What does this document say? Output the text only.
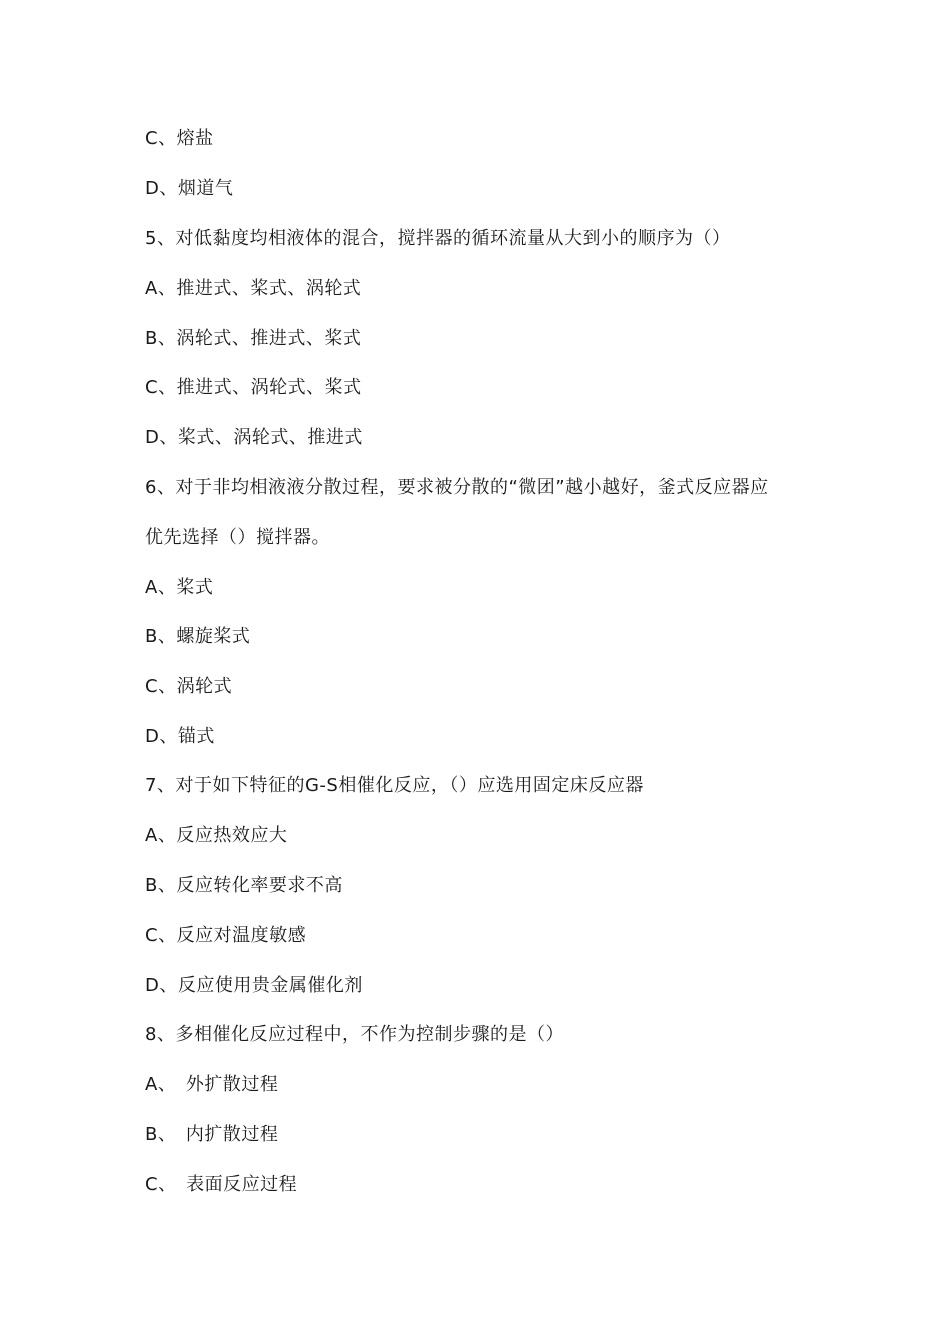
C、熔盐
D、烟道气
5、对低黏度均相液体的混合，搅拌器的循环流量从大到小的顺序为（）
A、推进式、桨式、涡轮式
B、涡轮式、推进式、桨式
C、推进式、涡轮式、桨式
D、桨式、涡轮式、推进式
6、对于非均相液液分散过程，要求被分散的“微团”越小越好，釜式反应器应
优先选择（）搅拌器。
A、桨式
B、螺旋桨式
C、涡轮式
D、锚式
7、对于如下特征的G-S相催化反应，（）应选用固定床反应器
A、反应热效应大
B、反应转化率要求不高
C、反应对温度敏感
D、反应使用贵金属催化剂
8、多相催化反应过程中，不作为控制步骤的是（）
A、　外扩散过程
B、　内扩散过程
C、　表面反应过程
